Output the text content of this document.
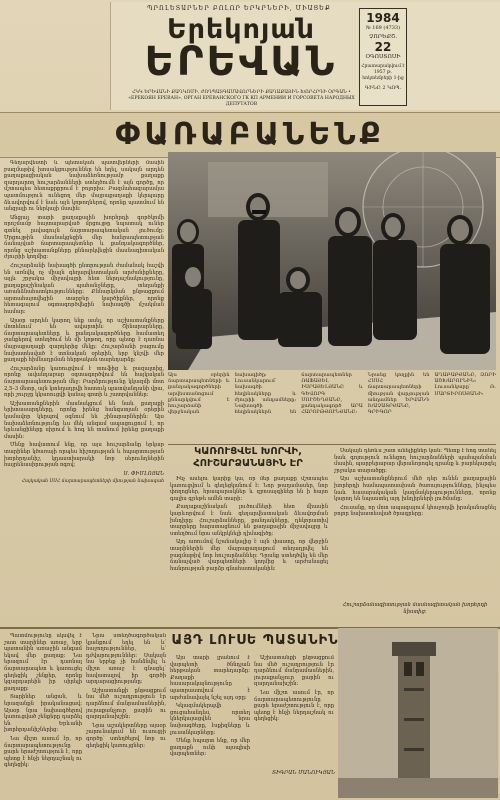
ՊՐՈԼԵՏԱՐՆԵՐ ԲՈԼՈՐ ԵՐԿՐՆԵՐԻ, ՄԻԱՑԵՔ
Երեկոյան
ԵՐԵՎԱՆ
ՀԿԿ ԵՐԵՎԱՆԻ ՔԱՂԿՈՄԻ, ԺՈՂՊԱՏԳԱՄԱՎՈՐՆԵՐԻ ՔԱՂԱՔԱՅԻՆ ԽՈՐՀՐԴԻ ՕՐԳԱՆ • «ЕРЕКОЯН ЕРЕВАН», ОРГАН ЕРЕВАНСКОГО ГК КП АРМЕНИИ И ГОРСОВЕТА НАРОДНЫХ ДЕПУТАТОВ
1984
№ 169 (4733)
ՉՈՐԵՔՇ.
22
ՕԳՈՍՏՈՍԻ
Հրատարակվում է 1957 թ. հոկտեմբերի 1-ից
ԳԻՆԸ 2 ԿՈՊ.
ՓԱՌԱԲԱՆԵՆՔ

Գեղարվեստի և պետական պատվերների մասին բազմաթիվ խոսակցություններ են եղել, սակայն արդեն քաղաքացիական նախաձեռնությամբ քաղաքը զարդարող հուշարձանների ստեղծումն է այն գործը, որ մշտապես հետաքրքրում է բոլորիս։ Բազմահազարամյա պատմություն ունեցող մեր մայրաքաղաքի կերպարը ձևավորվում է նաև այն կոթողներով, որոնք պատմում են անցյալի ու ներկայի մասին։

Անցյալ տարի քաղաքային խորհրդի գործկոմի որոշմամբ հայտարարված մրցույթը նպատակ ուներ գտնել լավագույն ճարտարապետական լուծումը։ Մրցույթին մասնակցեցին մեր հանրապետության ճանաչված ճարտարապետներ և քանդակագործներ, որոնց աշխատանքները քննարկվեցին մասնագիտական ժյուրիի կողմից։

Հուշարձանի նախագծի ընտրության ժամանակ հաշվի են առնվել ոչ միայն գեղարվեստական արժանիքները, այլև շրջակա միջավայրի հետ ներդաշնակությունը, քաղաքաշինական պահանջները, տեղանքի առանձնահատկությունները։ Քննարկման ընթացքում արտահայտվեցին տարբեր կարծիքներ, որոնք հետագայում օգտագործվեցին նախագծի մշակման համար։

Այսօր արդեն կարող ենք ասել, որ աշխատանքները մոտենում են ավարտին։ Շինարարները, ճարտարապետները և քանդակագործները համատեղ ջանքերով ստեղծում են մի կոթող, որը պետք է դառնա մայրաքաղաքի զարդերից մեկը։ Հուշարձանի բացումը նախատեսված է տոնական օրերին, երբ կնշվի մեր քաղաքի հիմնադրման հերթական տարեդարձը։

Հուշարձանը կառուցվում է տուֆից և բազալտից, որոնք ավանդաբար օգտագործվում են հայկական ճարտարապետության մեջ։ Բարձրությունը կկազմի մոտ 2,5–3 մետր, այն կտեղադրվի հատուկ պատվանդանի վրա, որի շուրջը կկառուցվի կանաչ գոտի և շատրվաններ։

Աշխատանքներին մասնակցում են նաև քաղաքի երիտասարդները, որոնք իրենց հանգստյան օրերին կամավոր կերպով օգնում են շինարարներին։ Այս նախաձեռնությունը ևս մեկ անգամ ապացուցում է, որ երևանցիները սիրում և հոգ են տանում իրենց քաղաքի մասին։

Մենք հավատում ենք, որ այս հուշարձանը երկար տարիներ կծառայի որպես հիշողության և հպարտության խորհրդանիշ, կդաստիարակի նոր սերունդներին հայրենասիրության ոգով։

Ս. ՓԻՄԼՈՅԱՆ
Հայկական ՍՍՀ ճարտարապետների միության նախագահ
Այս օրերին ճարտարապետների և քանդակագործների արվեստանոցում քննարկվում է հուշարձանի վերջնական նախագիծը։ Լուսանկարում՝ նախագծի հեղինակները և ժյուրիի անդամները։ Նախագծի հեղինակներն են ճարտարապետներ ՌԱՖԱՅԵԼ ԻՍՐԱՅԵԼՅԱՆԸ և ԳԵՎՈՐԳ ՄՈՒՇԵՂՅԱՆԸ, քանդակագործ ԱՐԱ ՀԱՐՈՒԹՅՈՒՆՅԱՆԸ։ Նրանց կողքին են ՀՍՍՀ ճարտարապետների միության վարչության անդամներ ԵՐՎԱՆԴ ԽԱՉԱՏՐՅԱՆԸ, ԳՐԻԳՈՐ ԱՂԱԲԱԲՅԱՆԸ, ԶՈՐԻ ԱՇԽԱՐՈՒՆԻՆ։ Լուսանկարը՝ Ռ. ՄԱՐՏԻՐՈՍՅԱՆԻ։
ԿԱՌՈՒՑՎԵԼ ԽՈՐՎԻ, ՀՈՒՇԱՐՁԱՆԱՅԻՆ ԷՐ

Ինչ ասելու կարիք կա, որ մեր քաղաքը մշտապես կառուցվում և գեղեցկանում է։ Նոր թաղամասեր, նոր փողոցներ, հրապարակներ և զբոսայգիներ են ի հայտ գալիս գրեթե ամեն տարի։

Քաղաքաշինական լուծումների հետ միասին կարևորվում է նաև գեղարվեստական ձևավորման խնդիրը։ Հուշարձանները, քանդակները, դեկորատիվ տարրերը հարստացնում են քաղաքային միջավայրը և ստեղծում նրա անկրկնելի դիմագիծը։

Այդ առումով նշանակալից է այն փաստը, որ վերջին տարիներին մեր մայրաքաղաքում տեղադրվել են բազմաթիվ նոր հուշարձաններ։ Դրանք ստեղծվել են մեր ճանաչված վարպետների կողմից և արժանացել հանրության բարձր գնահատականին։

Սակայն դեռևս շատ անելիքներ կան։ Պետք է հոգ տանել նաև գոյություն ունեցող հուշարձանների պահպանման մասին, պարբերաբար վերանորոգել դրանք և բարեկարգել շրջակա տարածքը։

Այս աշխատանքներում մեծ դեր ունեն քաղաքային խորհրդի համապատասխան ծառայությունները, ինչպես նաև հասարակական կազմակերպությունները, որոնք կարող են նպաստել այդ խնդիրների լուծմանը։

Հուսանք, որ մոտ ապագայում կհաջողվի իրականացնել բոլոր նախատեսված ծրագրերը։

Հուշարձանագիտության մասնագիտական խորհրդի նիստից։

Պատմությունը սկսվել է շատ տարիներ առաջ, երբ պատանին առաջին անգամ եկավ մեր քաղաք։ Նա երազում էր դառնալ ճարտարապետ և կառուցել գեղեցիկ շենքեր, որոնք կզարդարեին իր սիրելի քաղաքը։

Տարիներ անցան, և երազանքն իրականացավ։ Այսօր նրա նախագծերով կառուցված շենքերը դարձել են Երևանի խորհրդանիշներից։

Նա միշտ ասում էր, որ ճարտարապետությունը քարե երաժշտություն է, որը պետք է հնչի ներդաշնակ ու գեղեցիկ։

Նրա ստեղծագործական կյանքում եղել են և՛ հաջողություններ, և՛ դժվարություններ։ Սակայն նա երբեք չի հանձնվել և միշտ առաջ է գնացել՝ հավատալով իր գործի արդարացիությանը։

Աշխատանքի ընթացքում նա մեծ ուշադրություն էր դարձնում մանրամասներին, յուրաքանչյուր քարին ու զարդանախշին։

Նրա աշակերտները այսօր շարունակում են ուսուցչի գործը՝ ստեղծելով նոր ու գեղեցիկ կառույցներ։

ԱՅԴ ԼՈՒՍԵ ՊԱՏԱՆԻՆ

Այս տարի լրանում է վարպետի ծննդյան հերթական տարեդարձը։ Քաղաքի հասարակայնությունը պատրաստվում է արժանավայել նշել այդ օրը։

Կկազմակերպվի ցուցահանդես, որտեղ կներկայացվեն նրա նախագծերը, էսքիզները և լուսանկարները։

Մենք հպարտ ենք, որ մեր քաղաքն ունի այսպիսի վարպետներ։

Աշխատանքի ընթացքում նա մեծ ուշադրություն էր դարձնում մանրամասներին, յուրաքանչյուր քարին ու զարդանախշին։

Նա միշտ ասում էր, որ ճարտարապետությունը քարե երաժշտություն է, որը պետք է հնչի ներդաշնակ ու գեղեցիկ։

ՏԻԳՐԱՆ ՄԱՆՈՒԿՅԱՆ
